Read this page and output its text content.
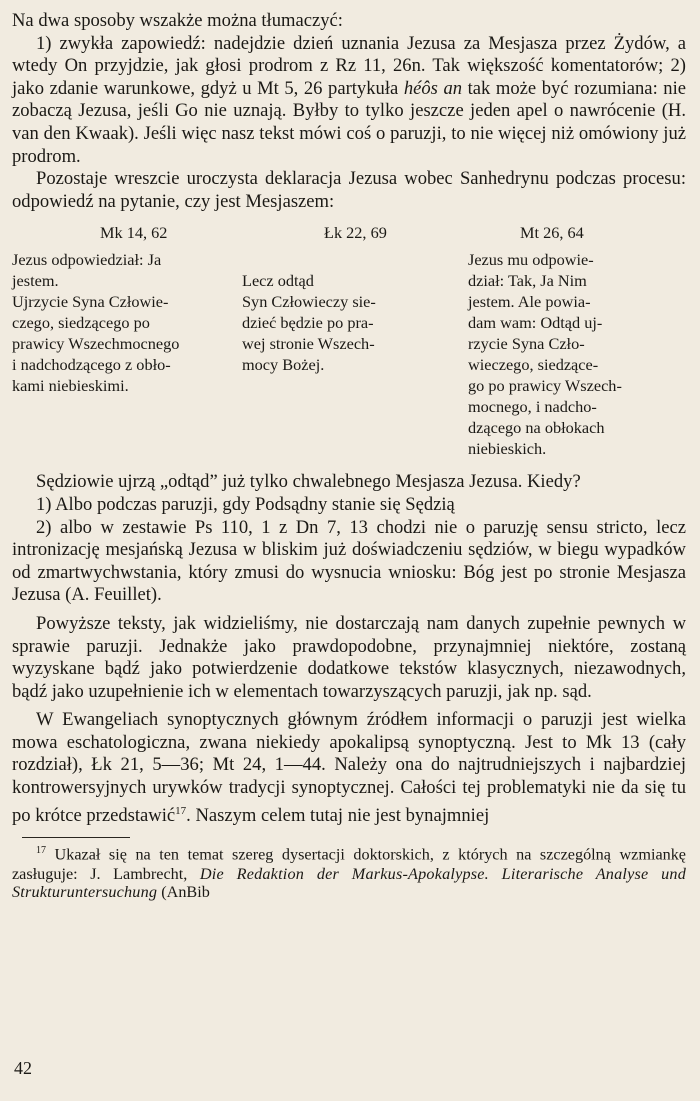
Na dwa sposoby wszakże można tłumaczyć:

1) zwykła zapowiedź: nadejdzie dzień uznania Jezusa za Mesjasza przez Żydów, a wtedy On przyjdzie, jak głosi prodrom z Rz 11, 26n. Tak większość komentatorów; 2) jako zdanie warunkowe, gdyż u Mt 5, 26 partykuła héôs an tak może być rozumiana: nie zobaczą Jezusa, jeśli Go nie uznają. Byłby to tylko jeszcze jeden apel o nawrócenie (H. van den Kwaak). Jeśli więc nasz tekst mówi coś o paruzji, to nie więcej niż omówiony już prodrom.

Pozostaje wreszcie uroczysta deklaracja Jezusa wobec Sanhedrynu podczas procesu: odpowiedź na pytanie, czy jest Mesjaszem:

Mk 14, 62	Łk 22, 69	Mt 26, 64
Jezus odpowiedział: Ja
jestem.
Ujrzycie Syna Człowie-
czego, siedzącego po
prawicy Wszechmocnego
i nadchodzącego z obło-
kami niebieskimi.
Lecz odtąd
Syn Człowieczy sie-
dzieć będzie po pra-
wej stronie Wszech-
mocy Bożej.
Jezus mu odpowie-
dział: Tak, Ja Nim
jestem. Ale powia-
dam wam: Odtąd uj-
rzycie Syna Czło-
wieczego, siedzące-
go po prawicy Wszech-
mocnego, i nadcho-
dzącego na obłokach
niebieskich.

Sędziowie ujrzą „odtąd” już tylko chwalebnego Mesjasza Jezusa. Kiedy?

1) Albo podczas paruzji, gdy Podsądny stanie się Sędzią

2) albo w zestawie Ps 110, 1 z Dn 7, 13 chodzi nie o paruzję sensu stricto, lecz intronizację mesjańską Jezusa w bliskim już doświadczeniu sędziów, w biegu wypadków od zmartwychwstania, który zmusi do wysnucia wniosku: Bóg jest po stronie Mesjasza Jezusa (A. Feuillet).

Powyższe teksty, jak widzieliśmy, nie dostarczają nam danych zupełnie pewnych w sprawie paruzji. Jednakże jako prawdopodobne, przynajmniej niektóre, zostaną wyzyskane bądź jako potwierdzenie dodatkowe tekstów klasycznych, niezawodnych, bądź jako uzupełnienie ich w elementach towarzyszących paruzji, jak np. sąd.

W Ewangeliach synoptycznych głównym źródłem informacji o paruzji jest wielka mowa eschatologiczna, zwana niekiedy apokalipsą synoptyczną. Jest to Mk 13 (cały rozdział), Łk 21, 5—36; Mt 24, 1—44. Należy ona do najtrudniejszych i najbardziej kontrowersyjnych urywków tradycji synoptycznej. Całości tej problematyki nie da się tu po krótce przedstawić$^{17}$. Naszym celem tutaj nie jest bynajmniej

$^{17}$ Ukazał się na ten temat szereg dysertacji doktorskich, z których na szczególną wzmiankę zasługuje: J. Lambrecht, Die Redaktion der Markus-Apokalypse. Literarische Analyse und Strukturuntersuchung (AnBib

42
